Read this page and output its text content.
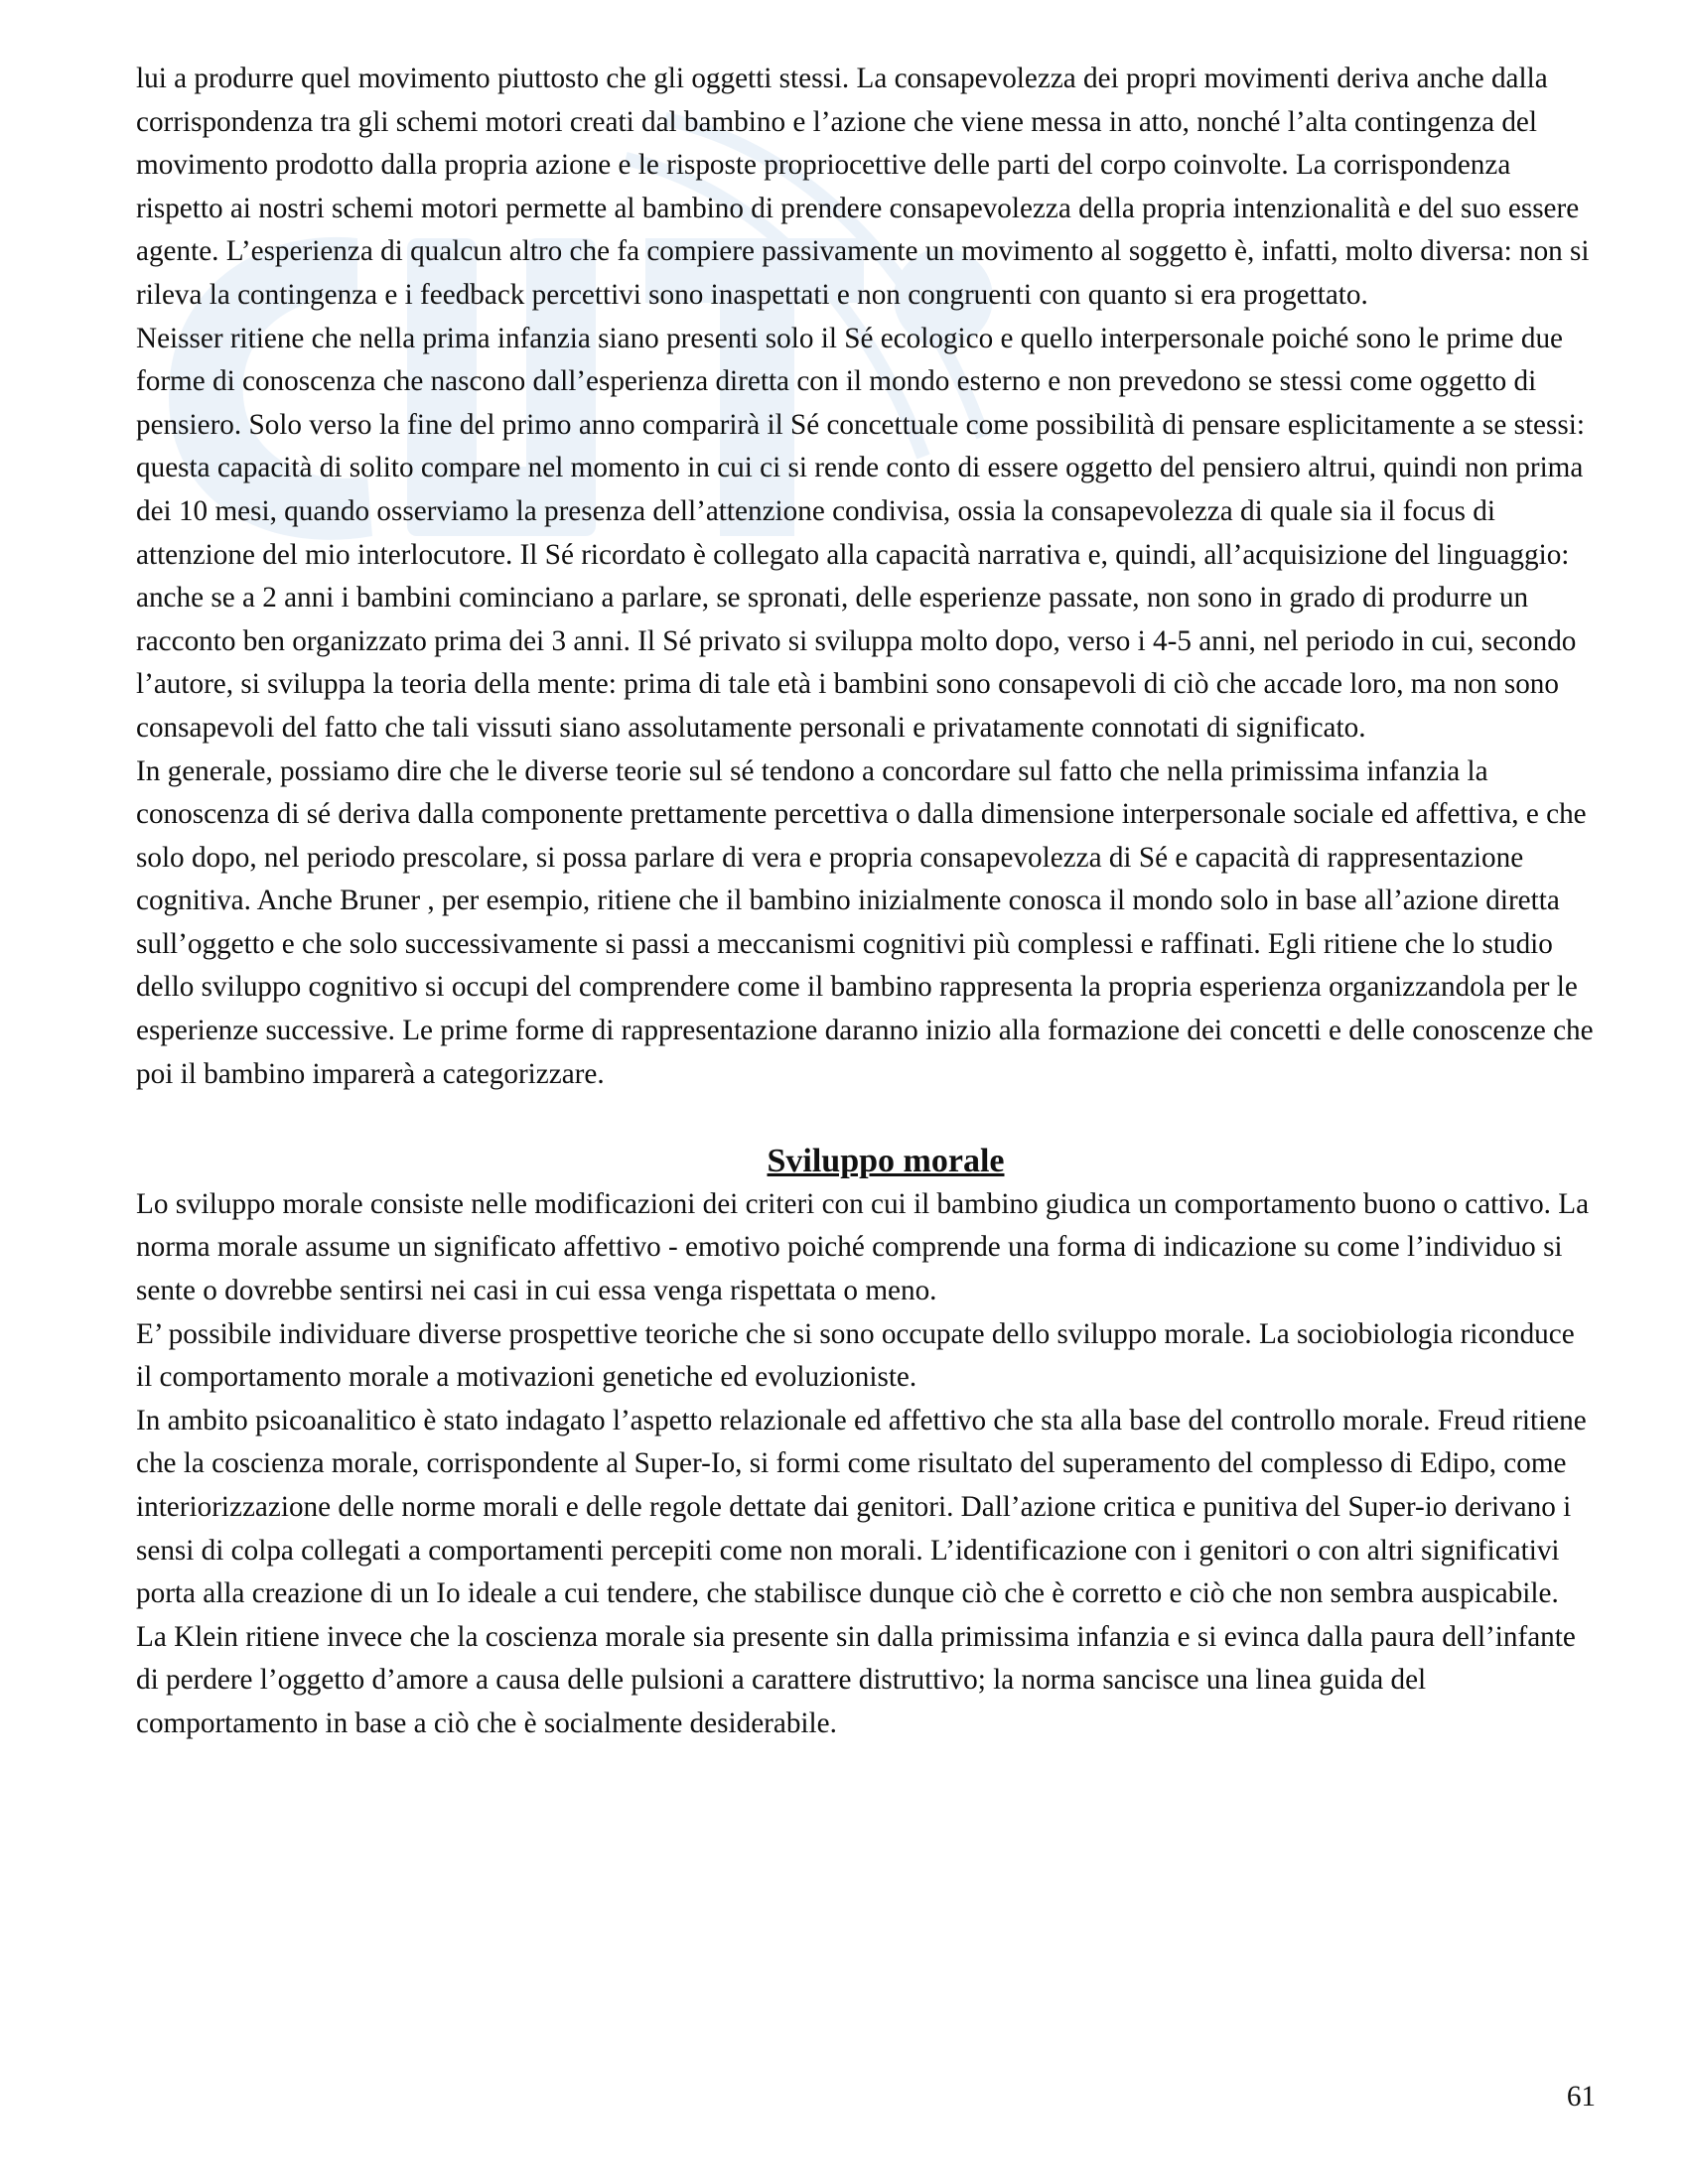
lui a produrre quel movimento piuttosto che gli oggetti stessi. La consapevolezza dei propri movimenti deriva anche dalla corrispondenza tra gli schemi motori creati dal bambino e l’azione che viene messa in atto, nonché l’alta contingenza del movimento prodotto dalla propria azione e le risposte propriocettive delle parti del corpo coinvolte. La corrispondenza rispetto ai nostri schemi motori permette al bambino di prendere consapevolezza della propria intenzionalità e del suo essere agente. L’esperienza di qualcun altro che fa compiere passivamente un movimento al soggetto è, infatti, molto diversa: non si rileva la contingenza e i feedback percettivi sono inaspettati e non congruenti con quanto si era progettato.

Neisser ritiene che nella prima infanzia siano presenti solo il Sé ecologico e quello interpersonale poiché sono le prime due forme di conoscenza che nascono dall’esperienza diretta con il mondo esterno e non prevedono se stessi come oggetto di pensiero. Solo verso la fine del primo anno comparirà il Sé concettuale come possibilità di pensare esplicitamente a se stessi: questa capacità di solito compare nel momento in cui ci si rende conto di essere oggetto del pensiero altrui, quindi non prima dei 10 mesi, quando osserviamo la presenza dell’attenzione condivisa, ossia la consapevolezza di quale sia il focus di attenzione del mio interlocutore. Il Sé ricordato è collegato alla capacità narrativa e, quindi, all’acquisizione del linguaggio: anche se a 2 anni i bambini cominciano a parlare, se spronati, delle esperienze passate, non sono in grado di produrre un racconto ben organizzato prima dei 3 anni. Il Sé privato si sviluppa molto dopo, verso i 4-5 anni, nel periodo in cui, secondo l’autore, si sviluppa la teoria della mente: prima di tale età i bambini sono consapevoli di ciò che accade loro, ma non sono consapevoli del fatto che tali vissuti siano assolutamente personali e privatamente connotati di significato.

In generale, possiamo dire che le diverse teorie sul sé tendono a concordare sul fatto che nella primissima infanzia la conoscenza di sé deriva dalla componente prettamente percettiva o dalla dimensione interpersonale sociale ed affettiva, e che solo dopo, nel periodo prescolare, si possa parlare di vera e propria consapevolezza di Sé e capacità di rappresentazione cognitiva. Anche Bruner , per esempio, ritiene che il bambino inizialmente conosca il mondo solo in base all’azione diretta sull’oggetto e che solo successivamente si passi a meccanismi cognitivi più complessi e raffinati. Egli ritiene che lo studio dello sviluppo cognitivo si occupi del comprendere come il bambino rappresenta la propria esperienza organizzandola per le esperienze successive. Le prime forme di rappresentazione daranno inizio alla formazione dei concetti e delle conoscenze che poi il bambino imparerà a categorizzare.

Sviluppo morale

Lo sviluppo morale consiste nelle modificazioni dei criteri con cui il bambino giudica un comportamento buono o cattivo. La norma morale assume un significato affettivo - emotivo poiché comprende una forma di indicazione su come l’individuo si sente o dovrebbe sentirsi nei casi in cui essa venga rispettata o meno.

E’ possibile individuare diverse prospettive teoriche che si sono occupate dello sviluppo morale. La sociobiologia riconduce il comportamento morale a motivazioni genetiche ed evoluzioniste.

In ambito psicoanalitico è stato indagato l’aspetto relazionale ed affettivo che sta alla base del controllo morale. Freud ritiene che la coscienza morale, corrispondente al Super-Io, si formi come risultato del superamento del complesso di Edipo, come interiorizzazione delle norme morali e delle regole dettate dai genitori. Dall’azione critica e punitiva del Super-io derivano i sensi di colpa collegati a comportamenti percepiti come non morali. L’identificazione con i genitori o con altri significativi porta alla creazione di un Io ideale a cui tendere, che stabilisce dunque ciò che è corretto e ciò che non sembra auspicabile. La Klein ritiene invece che la coscienza morale sia presente sin dalla primissima infanzia e si evinca dalla paura dell’infante di perdere l’oggetto d’amore a causa delle pulsioni a carattere distruttivo; la norma sancisce una linea guida del comportamento in base a ciò che è socialmente desiderabile.

61
